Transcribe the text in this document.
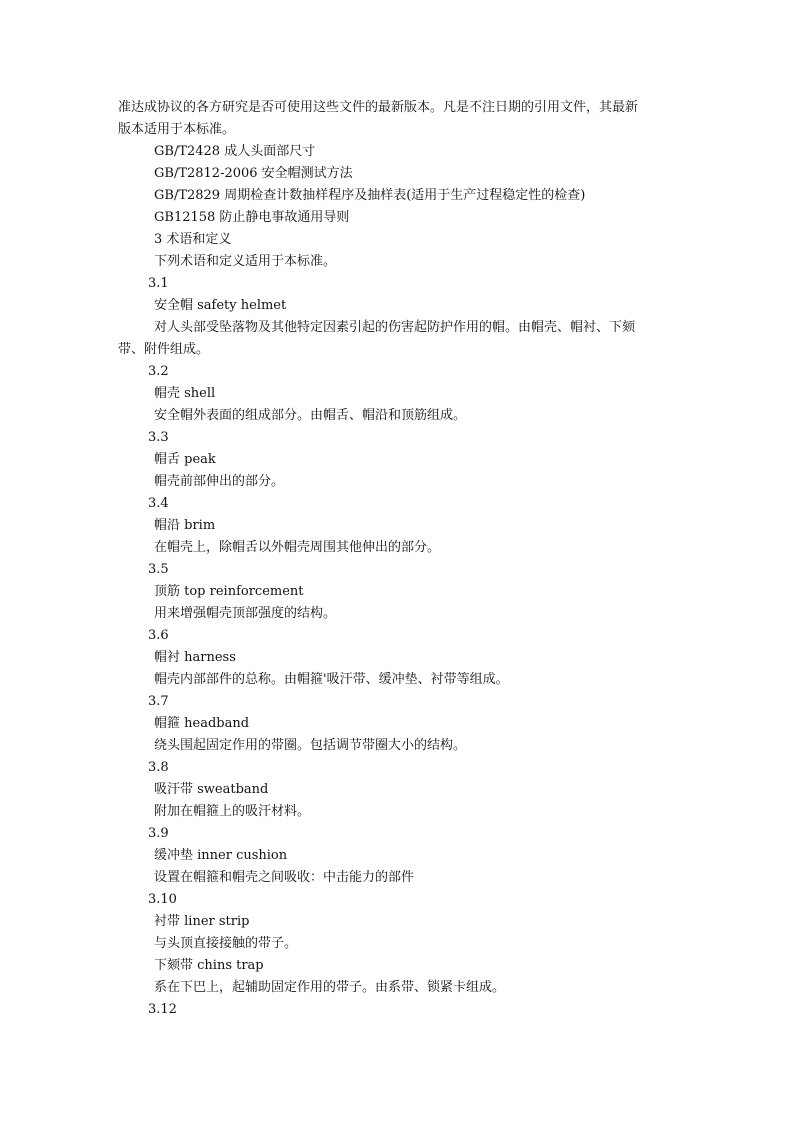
准达成协议的各方研究是否可使用这些文件的最新版本。凡是不注日期的引用文件，其最新
版本适用于本标准。
GB/T2428 成人头面部尺寸
GB/T2812-2006 安全帽测试方法
GB/T2829 周期检查计数抽样程序及抽样表(适用于生产过程稳定性的检查)
GB12158 防止静电事故通用导则
3 术语和定义
下列术语和定义适用于本标准。
3.1
安全帽 safety helmet
对人头部受坠落物及其他特定因素引起的伤害起防护作用的帽。由帽壳、帽衬、下颏
带、附件组成。
3.2
帽壳 shell
安全帽外表面的组成部分。由帽舌、帽沿和顶筋组成。
3.3
帽舌 peak
帽壳前部伸出的部分。
3.4
帽沿 brim
在帽壳上，除帽舌以外帽壳周围其他伸出的部分。
3.5
顶筋 top reinforcement
用来增强帽壳顶部强度的结构。
3.6
帽衬 harness
帽壳内部部件的总称。由帽箍'吸汗带、缓冲垫、衬带等组成。
3.7
帽箍 headband
绕头围起固定作用的带圈。包括调节带圈大小的结构。
3.8
吸汗带 sweatband
附加在帽箍上的吸汗材料。
3.9
缓冲垫 inner cushion
设置在帽箍和帽壳之间吸收：中击能力的部件
3.10
衬带 liner strip
与头顶直接接触的带子。
下颏带 chins trap
系在下巴上，起辅助固定作用的带子。由系带、锁紧卡组成。
3.12
